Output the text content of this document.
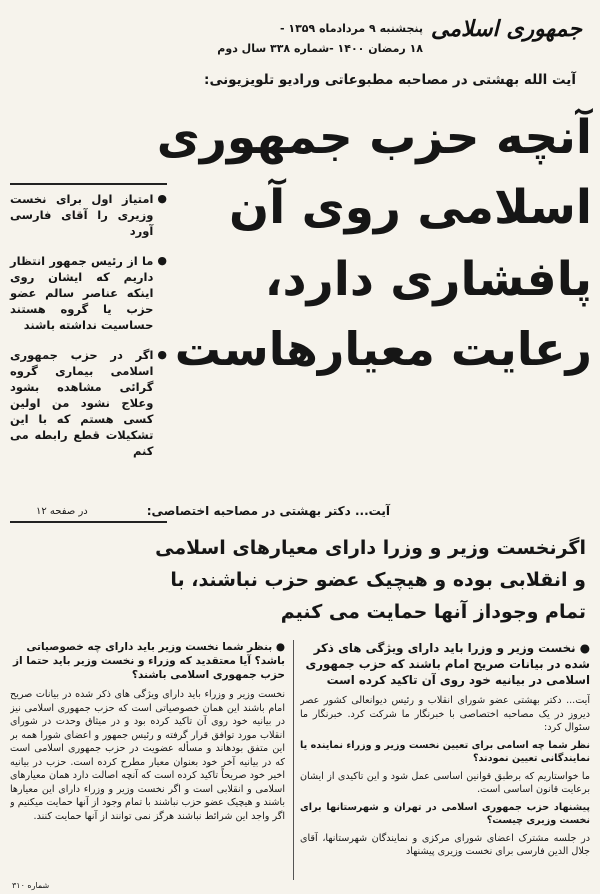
جمهوری اسلامی
پنجشنبه ۹ مردادماه ۱۳۵۹ -
۱۸ رمضان ۱۴۰۰ -شماره ۳۳۸ سال دوم
آیت الله بهشتی در مصاحبه مطبوعاتی ورادیو تلویزیونی:
آنچه حزب جمهوری
اسلامی روی آن
پافشاری دارد،
رعایت معیارهاست
●
امتیاز اول برای نخست وزیری را آقای فارسی آورد
●
ما از رئیس جمهور انتظار داریم که ایشان روی اینکه عناصر سالم عضو حزب یا گروه هستند حساسیت نداشته باشند
●
اگر در حزب جمهوری اسلامی بیماری گروه گرائی مشاهده بشود وعلاج نشود من اولین کسی هستم که با این تشکیلات قطع رابطه می کنم
در صفحه ۱۲	آیت... دکتر بهشتی در مصاحبه اختصاصی:
اگرنخست وزیر و وزرا دارای معیارهای اسلامی
و انقلابی بوده و هیچیک عضو حزب نباشند، با
تمام وجوداز آنها حمایت می کنیم
● نخست وزیر و وزرا باید دارای ویژگی های ذکر شده در بیانات صریح امام باشند که حزب جمهوری اسلامی در بیانیه خود روی آن تاکید کرده است
آیت... دکتر بهشتی عضو شورای انقلاب و رئیس دیوانعالی کشور عصر دیروز در یک مصاحبه اختصاصی با خبرنگار ما شرکت کرد. خبرنگار ما سئوال کرد:
نظر شما چه اسامی برای تعیین نخست وزیر و وزراء نماینده یا نمایندگانی تعیین نمودند؟
ما خواستاریم که برطبق قوانین اساسی عمل شود و این تاکیدی از ایشان برعایت قانون اساسی است.
پیشنهاد حزب جمهوری اسلامی در تهران و شهرستانها برای نخست وزیری چیست؟
در جلسه مشترک اعضای شورای مرکزی و نمایندگان شهرستانها، آقای جلال الدین فارسی برای نخست وزیری پیشنهاد
● بنظر شما نخست وزیر باید دارای چه خصوصیاتی باشد؟ آیا معتقدید که وزراء و نخست وزیر باید حتما از حزب جمهوری اسلامی باشند؟
نخست وزیر و وزراء باید دارای ویژگی های ذکر شده در بیانات صریح امام باشند این همان خصوصیاتی است که حزب جمهوری اسلامی نیز در بیانیه خود روی آن تاکید کرده بود و در میثاق وحدت در شورای انقلاب مورد توافق قرار گرفته و رئیس جمهور و اعضای شورا همه بر این متفق بودهاند و مسأله عضویت در حزب جمهوری اسلامی است که در بیانیه آخر خود بعنوان معیار مطرح کرده است. حزب در بیانیه اخیر خود صریحاً تاکید کرده است که آنچه اصالت دارد همان معیارهای اسلامی و انقلابی است و اگر نخست وزیر و وزراء دارای این معیارها باشند و هیچیک عضو حزب نباشند با تمام وجود از آنها حمایت میکنیم و اگر واجد این شرائط نباشند هرگز نمی توانند از آنها حمایت کنند.
شماره ۳۱۰
